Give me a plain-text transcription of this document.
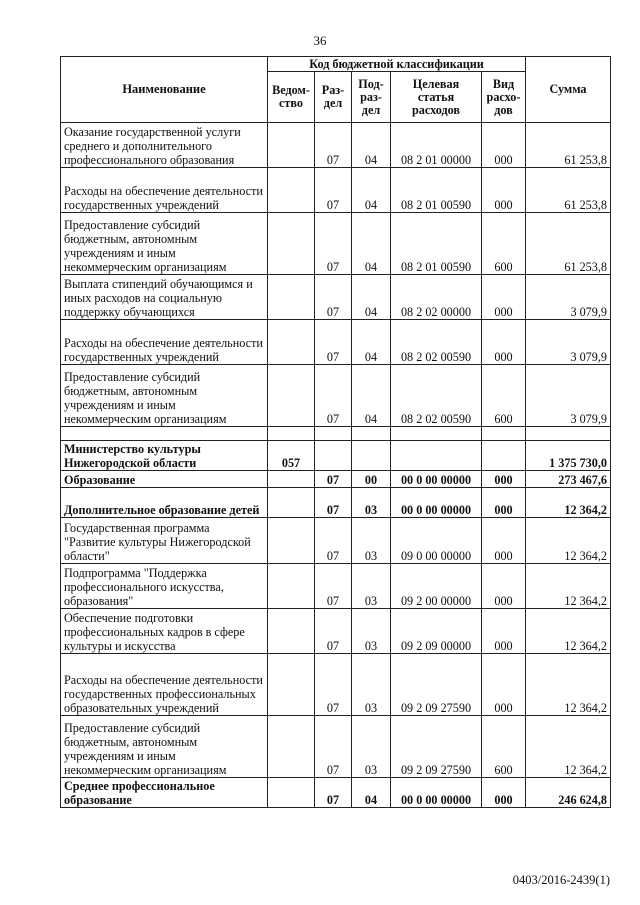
36
Наименование	Код бюджетной классификации					Сумма
	Ведом-ство	Раз-дел	Под-раз-дел	Целевая статья расходов	Вид расхо-дов	
Оказание государственной услуги среднего и дополнительного профессионального образования		07	04	08 2 01 00000	000	61 253,8
Расходы на обеспечение деятельности государственных учреждений		07	04	08 2 01 00590	000	61 253,8
Предоставление субсидий бюджетным, автономным учреждениям и иным некоммерческим организациям		07	04	08 2 01 00590	600	61 253,8
Выплата стипендий обучающимся и иных расходов на социальную поддержку обучающихся		07	04	08 2 02 00000	000	3 079,9
Расходы на обеспечение деятельности государственных учреждений		07	04	08 2 02 00590	000	3 079,9
Предоставление субсидий бюджетным, автономным учреждениям и иным некоммерческим организациям		07	04	08 2 02 00590	600	3 079,9

Министерство культуры Нижегородской области	057					1 375 730,0
Образование		07	00	00 0 00 00000	000	273 467,6
Дополнительное образование детей		07	03	00 0 00 00000	000	12 364,2
Государственная программа "Развитие культуры Нижегородской области"		07	03	09 0 00 00000	000	12 364,2
Подпрограмма "Поддержка профессионального искусства, образования"		07	03	09 2 00 00000	000	12 364,2
Обеспечение подготовки профессиональных кадров в сфере культуры и искусства		07	03	09 2 09 00000	000	12 364,2
Расходы на обеспечение деятельности государственных профессиональных образовательных учреждений		07	03	09 2 09 27590	000	12 364,2
Предоставление субсидий бюджетным, автономным учреждениям и иным некоммерческим организациям		07	03	09 2 09 27590	600	12 364,2
Среднее профессиональное образование		07	04	00 0 00 00000	000	246 624,8
0403/2016-2439(1)
